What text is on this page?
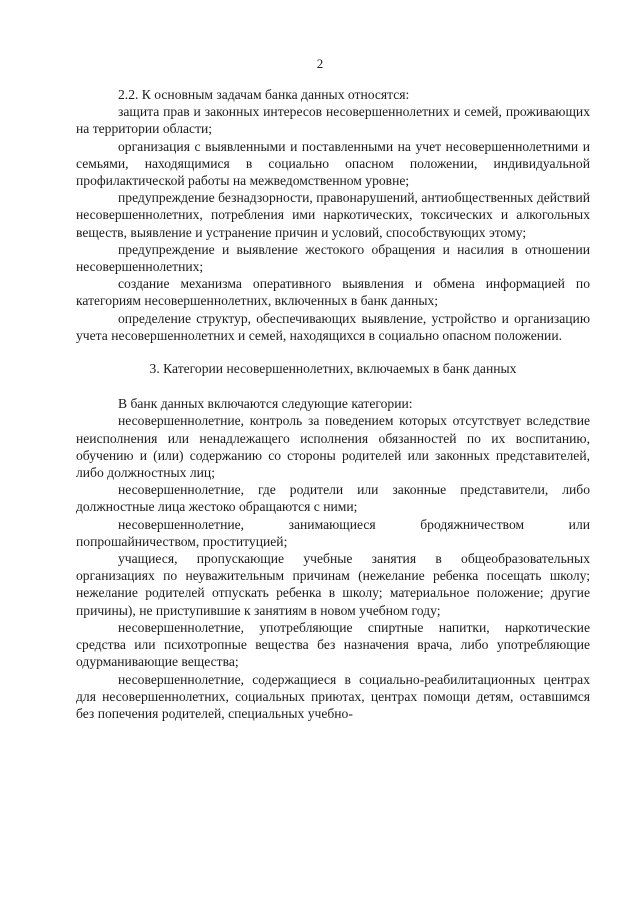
2

2.2. К основным задачам банка данных относятся:

защита прав и законных интересов несовершеннолетних и семей, проживающих на территории области;

организация с выявленными и поставленными на учет несовершеннолетними и семьями, находящимися в социально опасном положении, индивидуальной профилактической работы на межведомственном уровне;

предупреждение безнадзорности, правонарушений, антиобщественных действий несовершеннолетних, потребления ими наркотических, токсических и алкогольных веществ, выявление и устранение причин и условий, способствующих этому;

предупреждение и выявление жестокого обращения и насилия в отношении несовершеннолетних;

создание механизма оперативного выявления и обмена информацией по категориям несовершеннолетних, включенных в банк данных;

определение структур, обеспечивающих выявление, устройство и организацию учета несовершеннолетних и семей, находящихся в социально опасном положении.

3. Категории несовершеннолетних, включаемых в банк данных

В банк данных включаются следующие категории:

несовершеннолетние, контроль за поведением которых отсутствует вследствие неисполнения или ненадлежащего исполнения обязанностей по их воспитанию, обучению и (или) содержанию со стороны родителей или законных представителей, либо должностных лиц;

несовершеннолетние, где родители или законные представители, либо должностные лица жестоко обращаются с ними;

несовершеннолетние, занимающиеся бродяжничеством или попрошайничеством, проституцией;

учащиеся, пропускающие учебные занятия в общеобразовательных организациях по неуважительным причинам (нежелание ребенка посещать школу; нежелание родителей отпускать ребенка в школу; материальное положение; другие причины), не приступившие к занятиям в новом учебном году;

несовершеннолетние, употребляющие спиртные напитки, наркотические средства или психотропные вещества без назначения врача, либо употребляющие одурманивающие вещества;

несовершеннолетние, содержащиеся в социально-реабилитационных центрах для несовершеннолетних, социальных приютах, центрах помощи детям, оставшимся без попечения родителей, специальных учебно-
